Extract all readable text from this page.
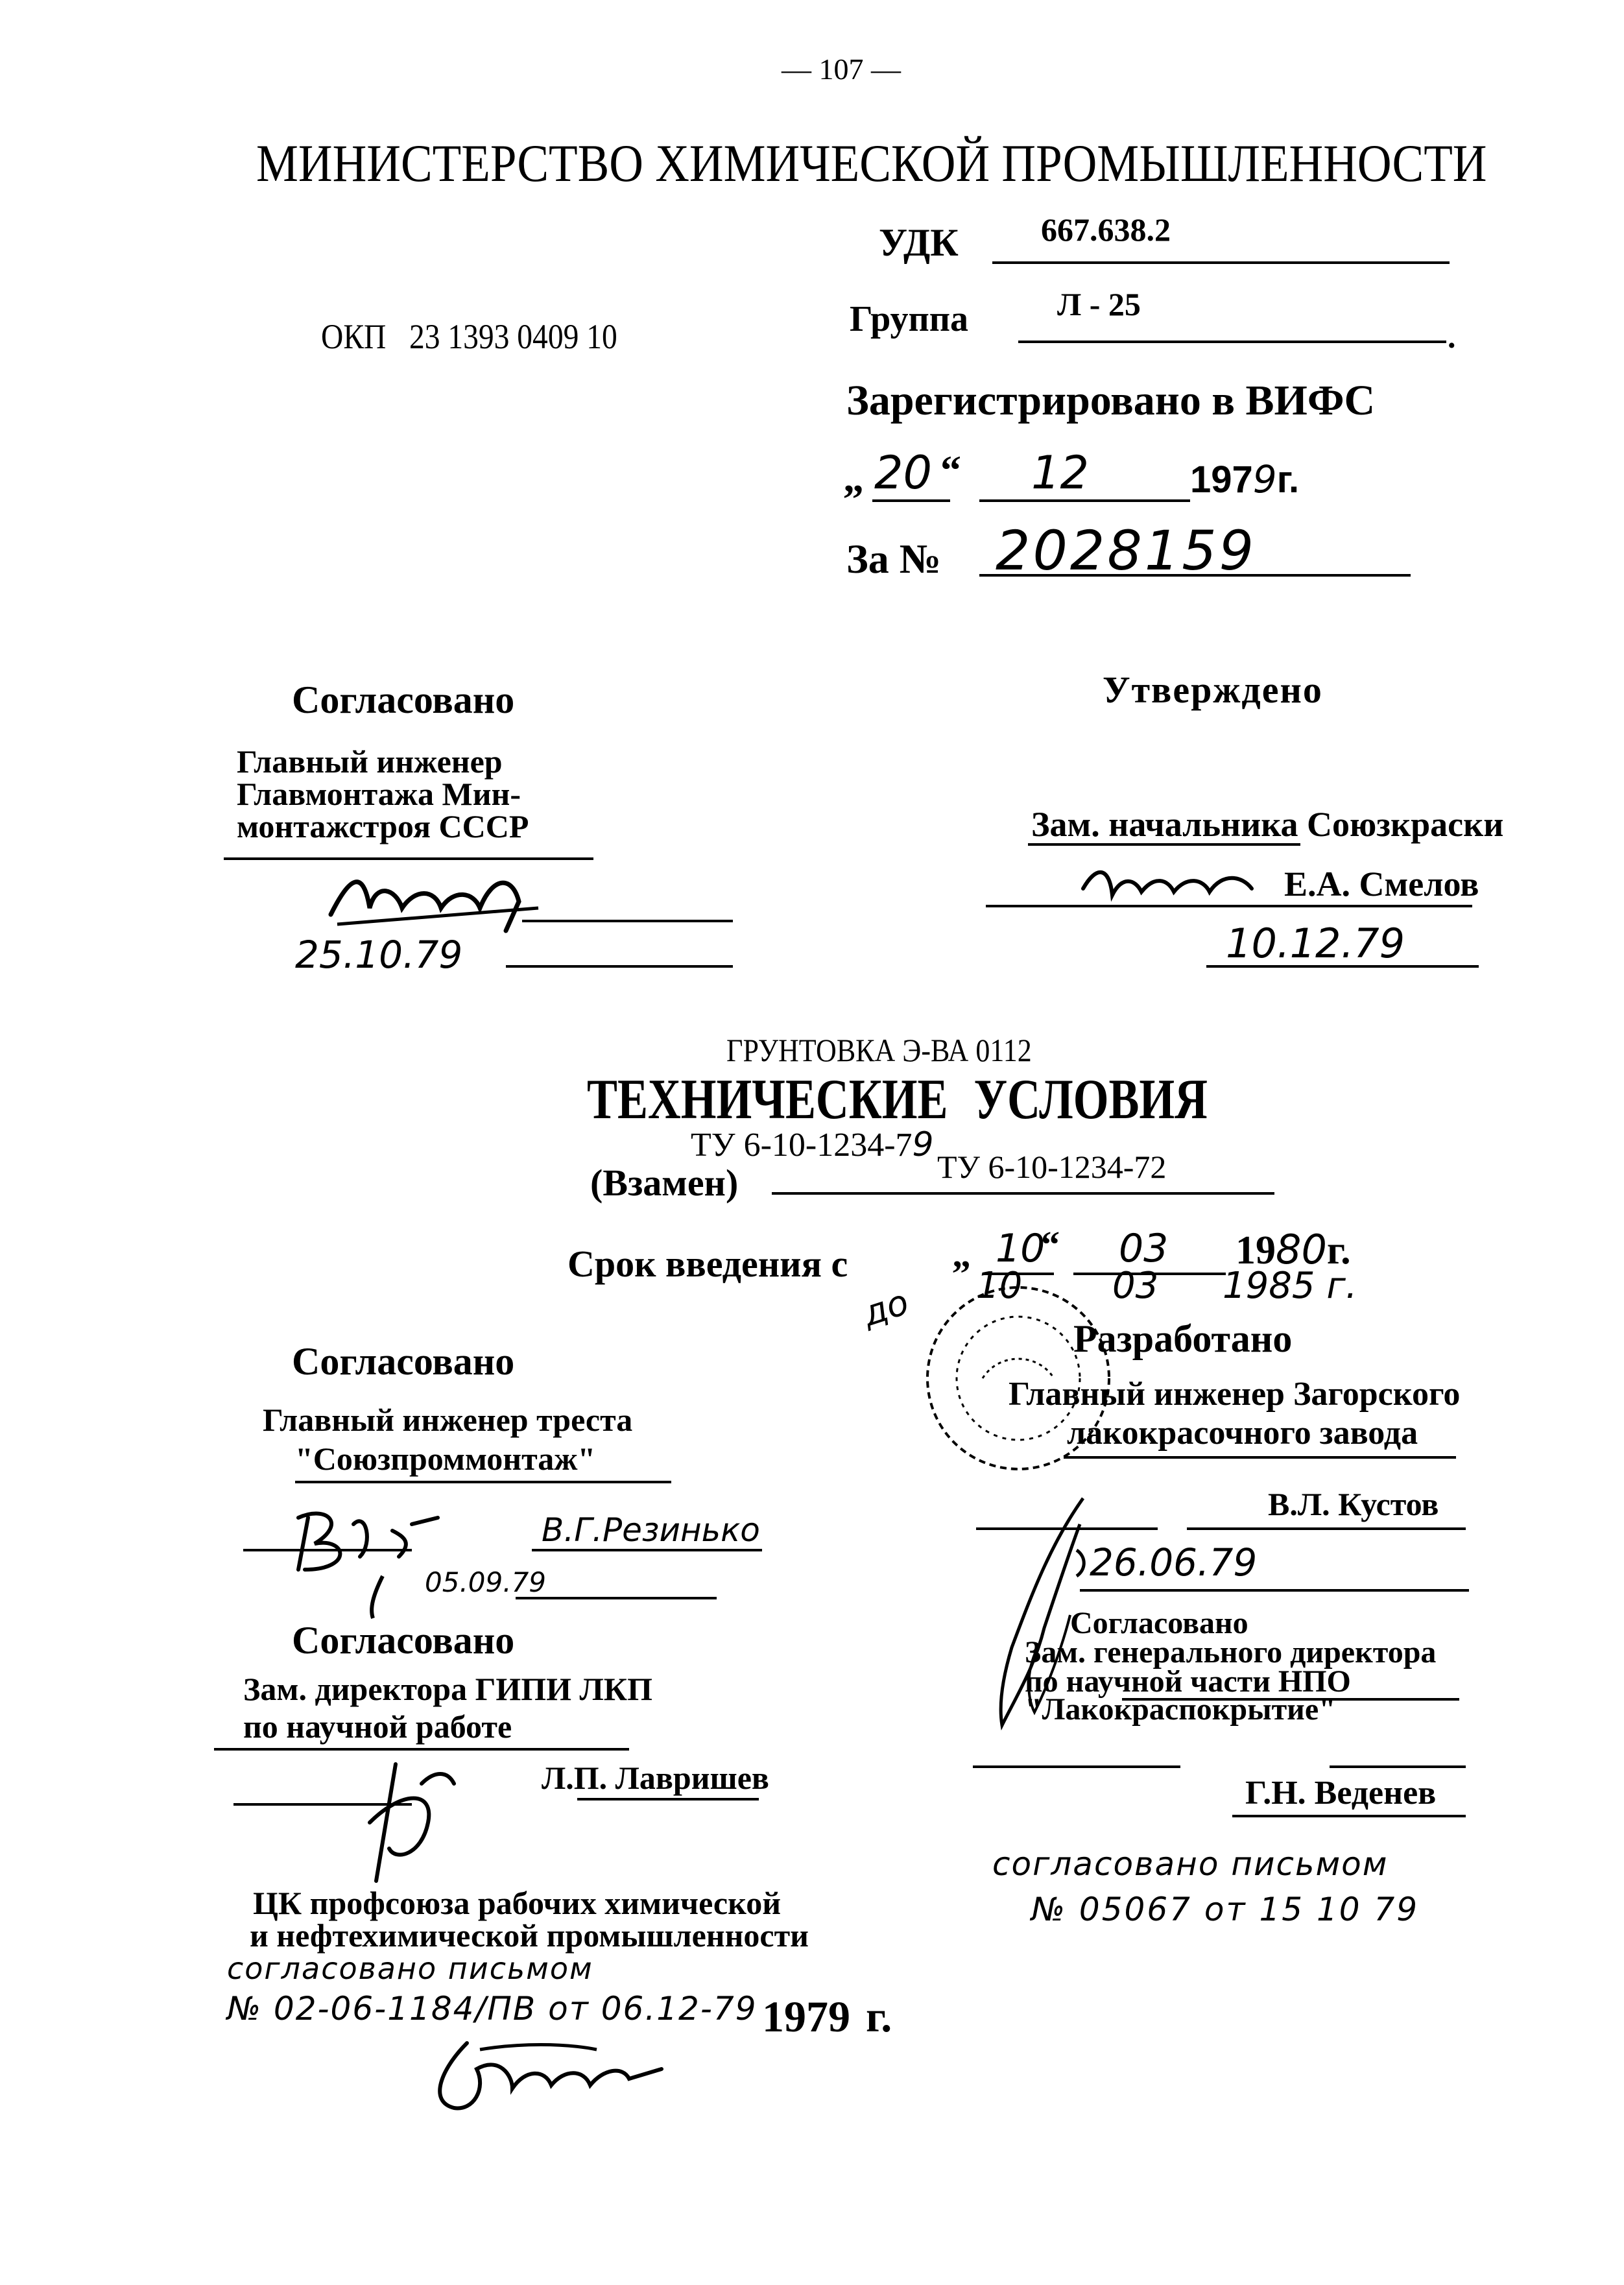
— 107 —
МИНИСТЕРСТВО ХИМИЧЕСКОЙ ПРОМЫШЛЕННОСТИ
УДК	667.638.2
Группа	Л - 25
.
ОКП 23 1393 0409 10
Зарегистрировано в ВИФС
„ 20 “ 12	1979г.
За № 2028159
Согласовано
Главный инженер
Главмонтажа Мин-
монтажстроя СССР
25.10.79
Утверждено
Зам. начальника Союзкраски
Е.А. Смелов
10.12.79
ГРУНТОВКА Э-ВА 0112
ТЕХНИЧЕСКИЕ УСЛОВИЯ
ТУ 6-10-1234-79
(Взамен)	ТУ 6-10-1234-72
Срок введения с	„ 10
“ 03 1980г.
до 10 03 1985 г.
Согласовано
Главный инженер треста
"Союзпроммонтаж"
В.Г.Резинько
05.09.79
Разработано
Главный инженер Загорского
лакокрасочного завода
В.Л. Кустов
26.06.79
Согласовано
Зам. директора ГИПИ ЛКП
по научной работе
Л.П. Лавришев
Согласовано
Зам. генерального директора
по научной части НПО
"Лакокраспокрытие"
Г.Н. Веденев
согласовано письмом
№ 05067 от 15 10 79
ЦК профсоюза рабочих химической
и нефтехимической промышленности
согласовано письмом
№ 02-06-1184/ПВ от 06.12-79 1979 г.
